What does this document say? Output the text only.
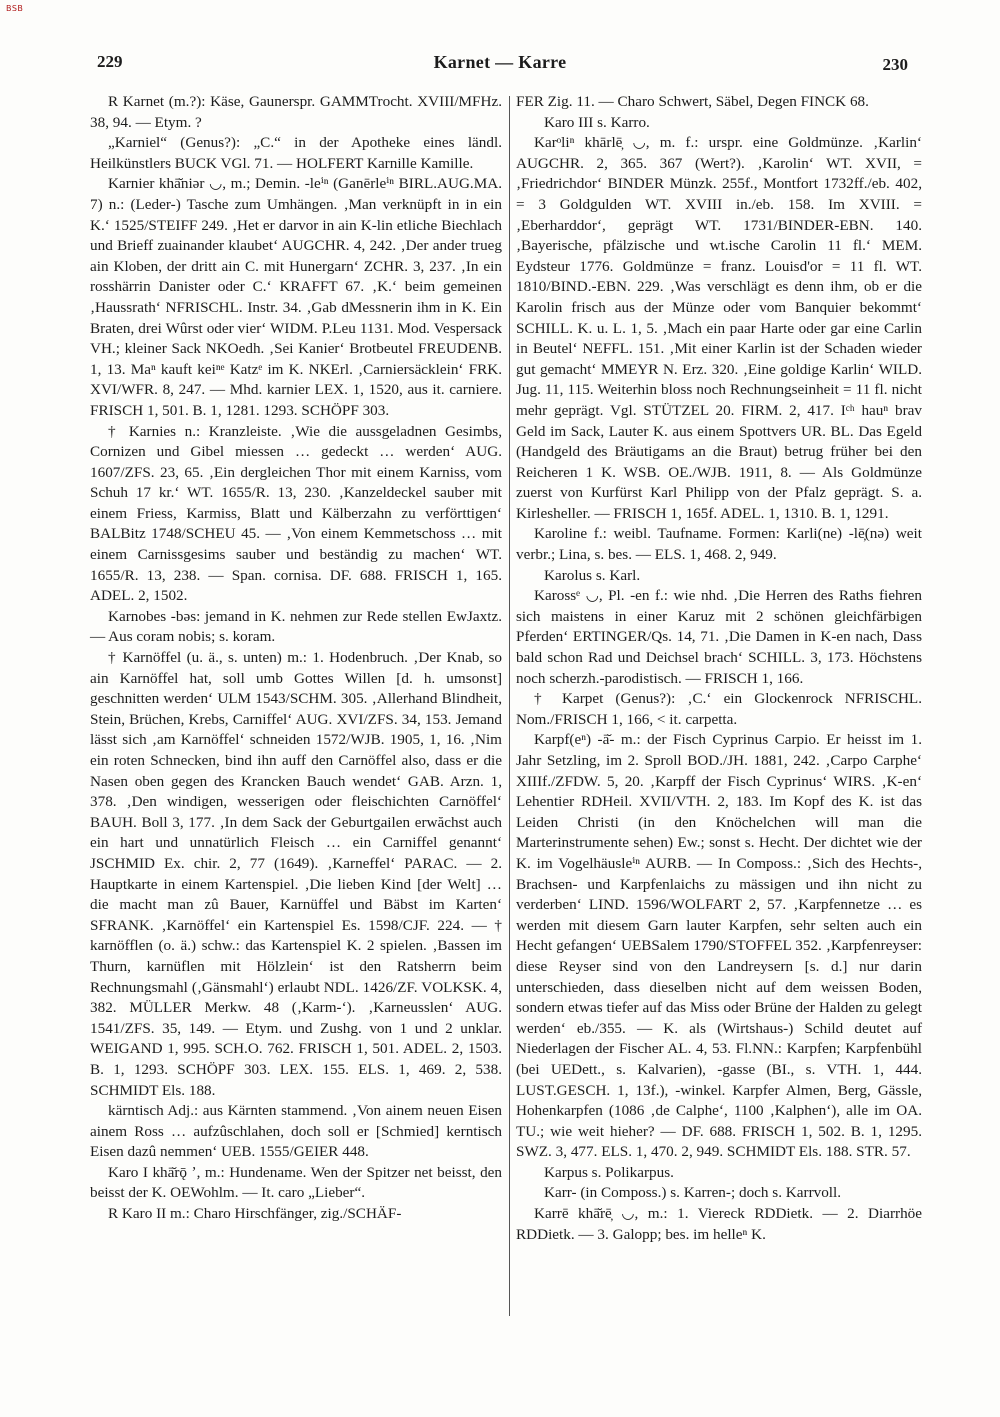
BSB
229	Karnet — Karre	230

R Karnet (m.?): Käse, Gaunerspr. GAMMTrocht. XVIII/MFHz. 38, 94. — Etym. ?

„Karniel“ (Genus?): „C.“ in der Apotheke eines ländl. Heilkünstlers BUCK VGl. 71. — HOLFERT Karnille Kamille.

Karnier khā̆niər ◡, m.; Demin. -leⁱⁿ (Ganērleⁱⁿ BIRL.AUG.MA. 7) n.: (Leder-) Tasche zum Umhängen. ‚Man verknüpft in in ein K.‘ 1525/STEIFF 249. ‚Het er darvor in ain K-lin etliche Biechlach und Brieff zuainander klaubet‘ AUGCHR. 4, 242. ‚Der ander trueg ain Kloben, der dritt ain C. mit Hunergarn‘ ZCHR. 3, 237. ‚In ein rosshärrin Danister oder C.‘ KRAFFT 67. ‚K.‘ beim gemeinen ‚Haussrath‘ NFRISCHL. Instr. 34. ‚Gab dMessnerin ihm in K. Ein Braten, drei Wûrst oder vier‘ WIDM. P.Leu 1131. Mod. Vespersack VH.; kleiner Sack NKOedh. ‚Sei Kanier‘ Brotbeutel FREUDENB. 1, 13. Maⁿ kauft keiⁿᵉ Katzᵉ im K. NKErl. ‚Carniersäcklein‘ FRK. XVI/WFR. 8, 247. — Mhd. karnier LEX. 1, 1520, aus it. carniere. FRISCH 1, 501. B. 1, 1281. 1293. SCHÖPF 303.

† Karnies n.: Kranzleiste. ‚Wie die aussgeladnen Gesimbs, Cornizen und Gibel miessen … gedeckt … werden‘ AUG. 1607/ZFS. 23, 65. ‚Ein dergleichen Thor mit einem Karniss, vom Schuh 17 kr.‘ WT. 1655/R. 13, 230. ‚Kanzeldeckel sauber mit einem Friess, Karmiss, Blatt und Kälberzahn zu verförttigen‘ BALBitz 1748/SCHEU 45. — ‚Von einem Kemmetschoss … mit einem Carnissgesims sauber und beständig zu machen‘ WT. 1655/R. 13, 238. — Span. cornisa. DF. 688. FRISCH 1, 165. ADEL. 2, 1502.

Karnobes -bəs: jemand in K. nehmen zur Rede stellen EwJaxtz. — Aus coram nobis; s. koram.

† Karnöffel (u. ä., s. unten) m.: 1. Hodenbruch. ‚Der Knab, so ain Karnöffel hat, soll umb Gottes Willen [d. h. umsonst] geschnitten werden‘ ULM 1543/SCHM. 305. ‚Allerhand Blindheit, Stein, Brüchen, Krebs, Carniffel‘ AUG. XVI/ZFS. 34, 153. Jemand lässt sich ‚am Karnöffel‘ schneiden 1572/WJB. 1905, 1, 16. ‚Nim ein roten Schnecken, bind ihn auff den Carnöffel also, dass er die Nasen oben gegen des Krancken Bauch wendet‘ GAB. Arzn. 1, 378. ‚Den windigen, wesserigen oder fleischichten Carnöffel‘ BAUH. Boll 3, 177. ‚In dem Sack der Geburtgailen erwăchst auch ein hart und unnatürlich Fleisch … ein Carniffel genannt‘ JSCHMID Ex. chir. 2, 77 (1649). ‚Karneffel‘ PARAC. — 2. Hauptkarte in einem Kartenspiel. ‚Die lieben Kind [der Welt] … die macht man zû Bauer, Karnüffel und Bäbst im Karten‘ SFRANK. ‚Karnöffel‘ ein Kartenspiel Es. 1598/CJF. 224. — † karnöfflen (o. ä.) schw.: das Kartenspiel K. 2 spielen. ‚Bassen im Thurn, karnüflen mit Hölzlein‘ ist den Ratsherrn beim Rechnungsmahl (‚Gänsmahl‘) erlaubt NDL. 1426/ZF. VOLKSK. 4, 382. MÜLLER Merkw. 48 (‚Karm-‘). ‚Karneusslen‘ AUG. 1541/ZFS. 35, 149. — Etym. und Zushg. von 1 und 2 unklar. WEIGAND 1, 995. SCH.O. 762. FRISCH 1, 501. ADEL. 2, 1503. B. 1, 1293. SCHÖPF 303. LEX. 155. ELS. 1, 469. 2, 538. SCHMIDT Els. 188.

kärntisch Adj.: aus Kärnten stammend. ‚Von ainem neuen Eisen ainem Ross … aufzûschlahen, doch soll er [Schmied] kerntisch Eisen dazû nemmen‘ UEB. 1555/GEIER 448.

Karo I khā̆rǭ ʼ, m.: Hundename. Wen der Spitzer net beisst, den beisst der K. OEWohlm. — It. caro „Lieber“.

R Karo II m.: Charo Hirschfänger, zig./SCHÄF-

FER Zig. 11. — Charo Schwert, Säbel, Degen FINCK 68.

Karo III s. Karro.

Karᵒliⁿ khārlē̦ ◡, m. f.: urspr. eine Goldmünze. ‚Karlin‘ AUGCHR. 2, 365. 367 (Wert?). ‚Karolin‘ WT. XVII, = ‚Friedrichdor‘ BINDER Münzk. 255f., Montfort 1732ff./eb. 402, = 3 Goldgulden WT. XVIII in./eb. 158. Im XVIII. = ‚Eberharddor‘, geprägt WT. 1731/BINDER-EBN. 140. ‚Bayerische, pfälzische und wt.ische Carolin 11 fl.‘ MEM. Eydsteur 1776. Goldmünze = franz. Louisd'or = 11 fl. WT. 1810/BIND.-EBN. 229. ‚Was verschlägt es denn ihm, ob er die Karolin frisch aus der Münze oder vom Banquier bekommt‘ SCHILL. K. u. L. 1, 5. ‚Mach ein paar Harte oder gar eine Carlin in Beutel‘ NEFFL. 151. ‚Mit einer Karlin ist der Schaden wieder gut gemacht‘ MMEYR N. Erz. 320. ‚Eine goldige Karlin‘ WILD. Jug. 11, 115. Weiterhin bloss noch Rechnungseinheit = 11 fl. nicht mehr geprägt. Vgl. STÜTZEL 20. FIRM. 2, 417. Iᶜʰ hauⁿ brav Geld im Sack, Lauter K. aus einem Spottvers UR. BL. Das Egeld (Handgeld des Bräutigams an die Braut) betrug früher bei den Reicheren 1 K. WSB. OE./WJB. 1911, 8. — Als Goldmünze zuerst von Kurfürst Karl Philipp von der Pfalz geprägt. S. a. Kirlesheller. — FRISCH 1, 165f. ADEL. 1, 1310. B. 1, 1291.

Karoline f.: weibl. Taufname. Formen: Karli(ne) -lē̦(nə) weit verbr.; Lina, s. bes. — ELS. 1, 468. 2, 949.

Karolus s. Karl.

Karossᵉ ◡, Pl. -en f.: wie nhd. ‚Die Herren des Raths fiehren sich maistens in einer Karuz mit 2 schönen gleichfärbigen Pferden‘ ERTINGER/Qs. 14, 71. ‚Die Damen in K-en nach, Dass bald schon Rad und Deichsel brach‘ SCHILL. 3, 173. Höchstens noch scherzh.-parodistisch. — FRISCH 1, 166.

† Karpet (Genus?): ‚C.‘ ein Glockenrock NFRISCHL. Nom./FRISCH 1, 166, < it. carpetta.

Karpf(eⁿ) -ā̆- m.: der Fisch Cyprinus Carpio. Er heisst im 1. Jahr Setzling, im 2. Sproll BOD./JH. 1881, 242. ‚Carpo Carphe‘ XIIIf./ZFDW. 5, 20. ‚Karpff der Fisch Cyprinus‘ WIRS. ‚K-en‘ Lehentier RDHeil. XVII/VTH. 2, 183. Im Kopf des K. ist das Leiden Christi (in den Knöchelchen will man die Marterinstrumente sehen) Ew.; sonst s. Hecht. Der dichtet wie der K. im Vogelhäusleⁱⁿ AURB. — In Composs.: ‚Sich des Hechts-, Brachsen- und Karpfenlaichs zu mässigen und ihn nicht zu verderben‘ LIND. 1596/WOLFART 2, 57. ‚Karpfennetze … es werden mit diesem Garn lauter Karpfen, sehr selten auch ein Hecht gefangen‘ UEBSalem 1790/STOFFEL 352. ‚Karpfenreyser: diese Reyser sind von den Landreysern [s. d.] nur darin unterschieden, dass dieselben nicht auf dem weissen Boden, sondern etwas tiefer auf das Miss oder Brüne der Halden zu gelegt werden‘ eb./355. — K. als (Wirtshaus-) Schild deutet auf Niederlagen der Fischer AL. 4, 53. Fl.NN.: Karpfen; Karpfenbühl (bei UEDett., s. Kalvarien), -gasse (BI., s. VTH. 1, 444. LUST.GESCH. 1, 13f.), -winkel. Karpfer Almen, Berg, Gässle, Hohenkarpfen (1086 ‚de Calphe‘, 1100 ‚Kalphen‘), alle im OA. TU.; wie weit hieher? — DF. 688. FRISCH 1, 502. B. 1, 1295. SWZ. 3, 477. ELS. 1, 470. 2, 949. SCHMIDT Els. 188. STR. 57.

Karpus s. Polikarpus.

Karr- (in Composs.) s. Karren-; doch s. Karrvoll.

Karrē khā̆rē̦ ◡, m.: 1. Viereck RDDietk. — 2. Diarrhöe RDDietk. — 3. Galopp; bes. im helleⁿ K.
